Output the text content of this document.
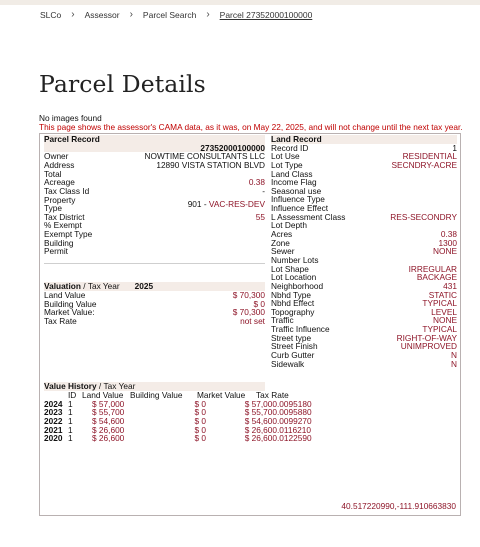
SLCo › Assessor › Parcel Search › Parcel 27352000100000
Parcel Details
No images found
This page shows the assessor's CAMA data, as it was, on May 22, 2025, and will not change until the next tax year.
Parcel Record
27352000100000
Owner	NOWTIME CONSULTANTS LLC
Address	12890 VISTA STATION BLVD
Total Acreage	0.38
Tax Class Id	-
Property Type	901 - VAC-RES-DEV
Tax District	55
% Exempt
Exempt Type
Building Permit
Valuation / Tax Year 2025
Land Value	$ 70,300
Building Value	$ 0
Market Value:	$ 70,300
Tax Rate	not set
Land Record
Record ID	1
Lot Use	RESIDENTIAL
Lot Type	SECNDRY-ACRE
Land Class
Income Flag
Seasonal use
Influence Type
Influence Effect
L Assessment Class	RES-SECONDRY
Lot Depth
Acres	0.38
Zone	1300
Sewer	NONE
Number Lots
Lot Shape	IRREGULAR
Lot Location	BACKAGE
Neighborhood	431
Nbhd Type	STATIC
Nbhd Effect	TYPICAL
Topography	LEVEL
Traffic	NONE
Traffic Influence	TYPICAL
Street type	RIGHT-OF-WAY
Street Finish	UNIMPROVED
Curb Gutter	N
Sidewalk	N
Value History / Tax Year
ID Land Value Building Value	Market Value	Tax Rate
2024 1	$ 57,000	$ 0	$ 57,000 .0095180
2023 1	$ 55,700	$ 0	$ 55,700 .0095880
2022 1	$ 54,600	$ 0	$ 54,600 .0099270
2021 1	$ 26,600	$ 0	$ 26,600 .0116210
2020 1	$ 26,600	$ 0	$ 26,600 .0122590
40.517220990,-111.910663830
